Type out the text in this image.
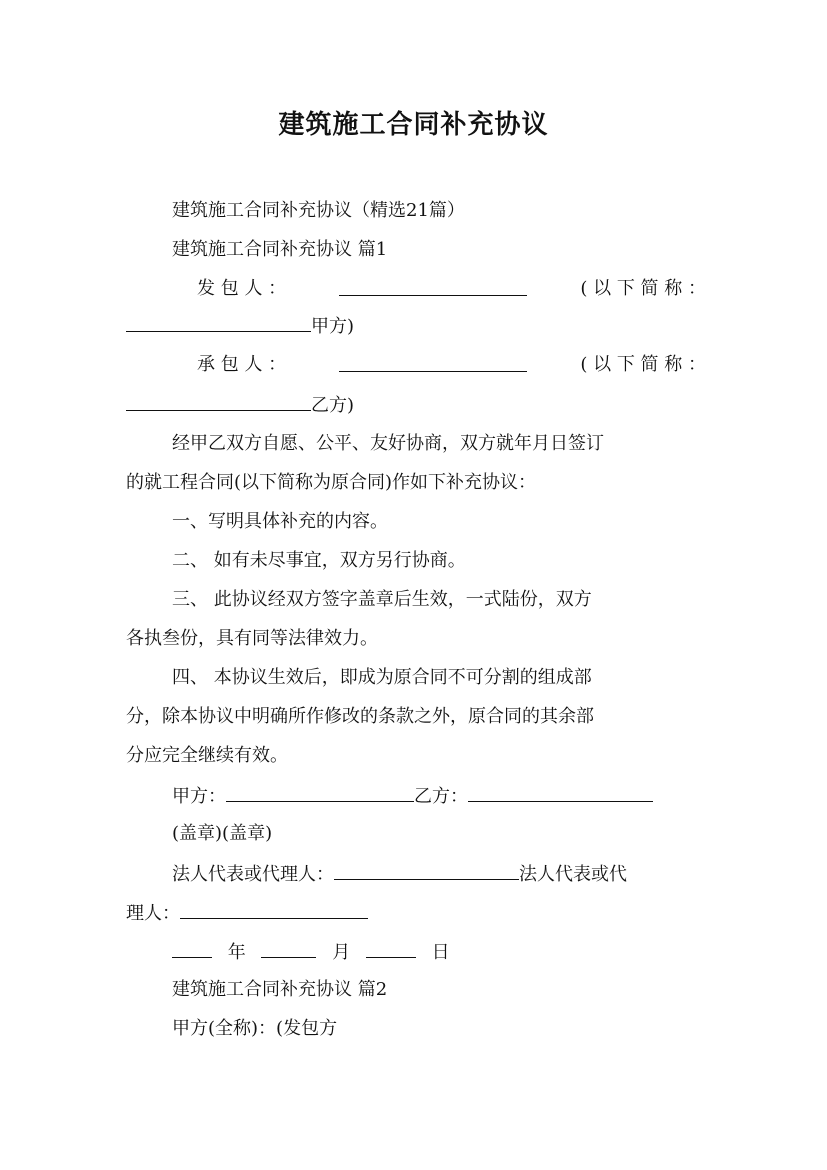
建筑施工合同补充协议
建筑施工合同补充协议（精选21篇）
建筑施工合同补充协议 篇1
发 包 人 ：	( 以 下 简 称 ：
甲方)
承 包 人 ：	( 以 下 简 称 ：
乙方)
经甲乙双方自愿、公平、友好协商，双方就年月日签订
的就工程合同(以下简称为原合同)作如下补充协议：
一、写明具体补充的内容。
二、 如有未尽事宜，双方另行协商。
三、 此协议经双方签字盖章后生效，一式陆份，双方
各执叁份，具有同等法律效力。
四、 本协议生效后，即成为原合同不可分割的组成部
分，除本协议中明确所作修改的条款之外，原合同的其余部
分应完全继续有效。
甲方：	乙方：
(盖章)(盖章)
法人代表或代理人：	法人代表或代
理人：
年	月	日
建筑施工合同补充协议 篇2
甲方(全称)：(发包方
